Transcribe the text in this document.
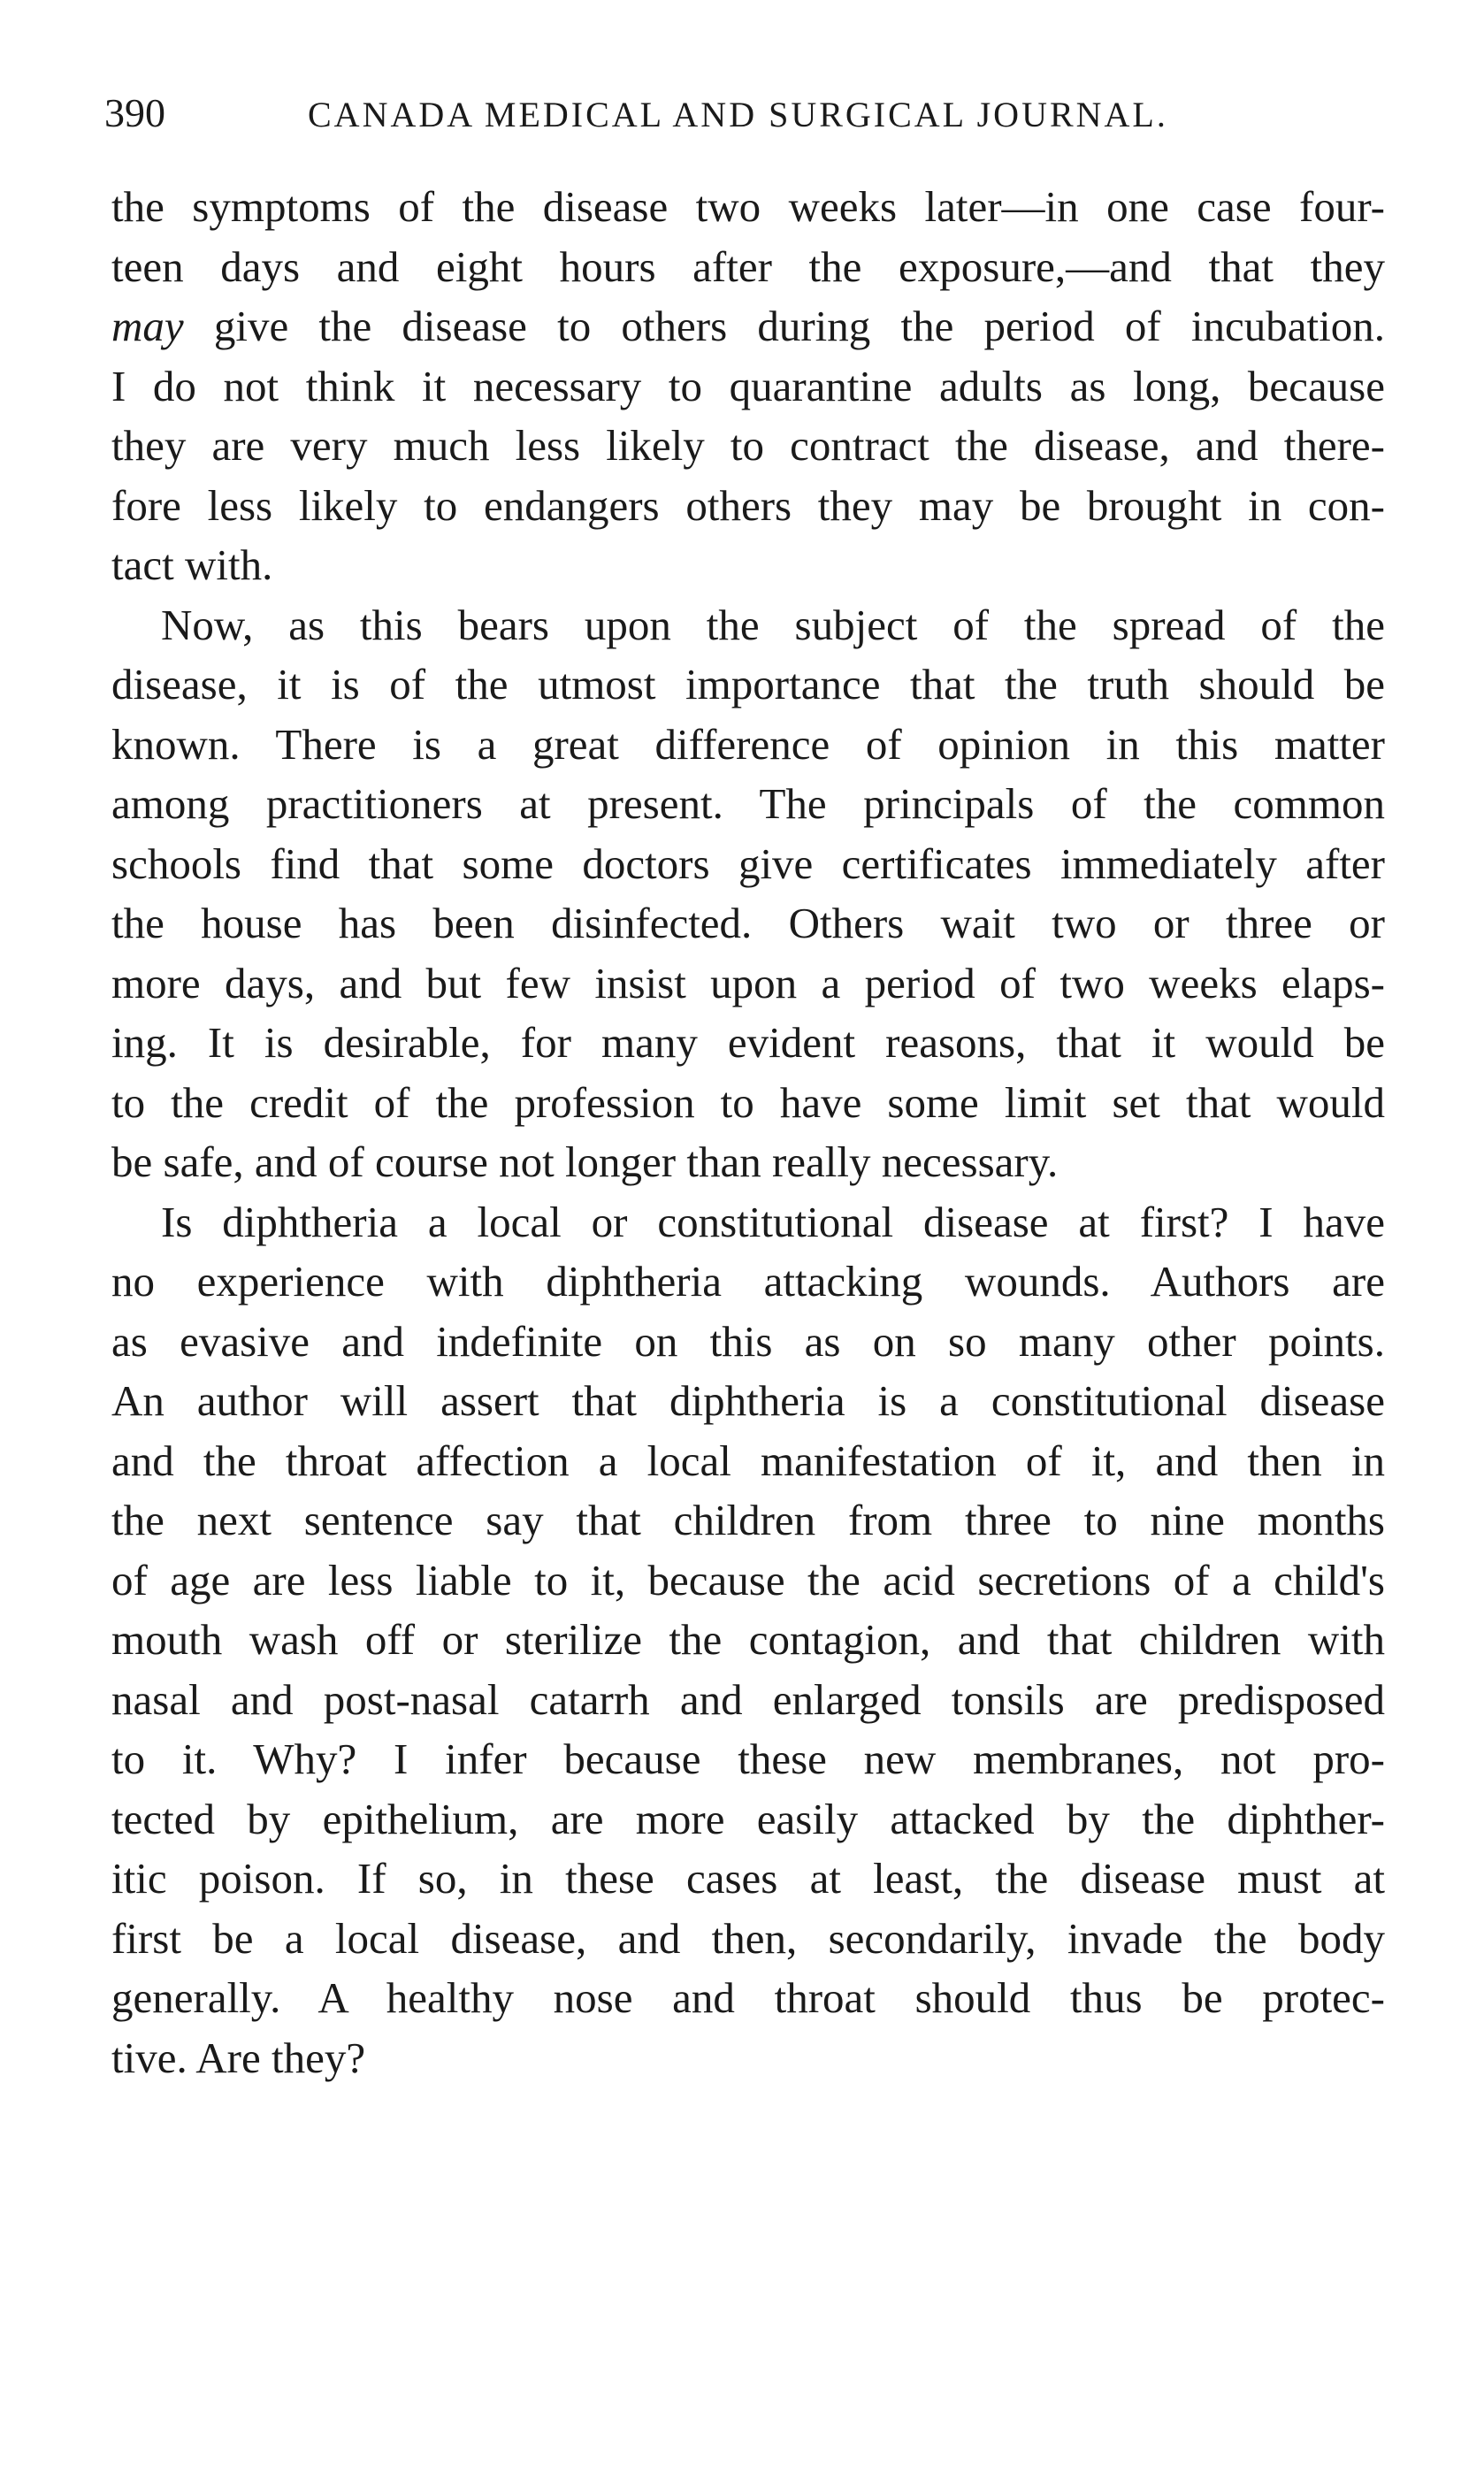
390	CANADA MEDICAL AND SURGICAL JOURNAL.
the symptoms of the disease two weeks later—in one case four-
teen days and eight hours after the exposure,—and that they
may give the disease to others during the period of incubation.
I do not think it necessary to quarantine adults as long, because
they are very much less likely to contract the disease, and there-
fore less likely to endangers others they may be brought in con-
tact with.
Now, as this bears upon the subject of the spread of the
disease, it is of the utmost importance that the truth should be
known. There is a great difference of opinion in this matter
among practitioners at present. The principals of the common
schools find that some doctors give certificates immediately after
the house has been disinfected. Others wait two or three or
more days, and but few insist upon a period of two weeks elaps-
ing. It is desirable, for many evident reasons, that it would be
to the credit of the profession to have some limit set that would
be safe, and of course not longer than really necessary.
Is diphtheria a local or constitutional disease at first? I have
no experience with diphtheria attacking wounds. Authors are
as evasive and indefinite on this as on so many other points.
An author will assert that diphtheria is a constitutional disease
and the throat affection a local manifestation of it, and then in
the next sentence say that children from three to nine months
of age are less liable to it, because the acid secretions of a child's
mouth wash off or sterilize the contagion, and that children with
nasal and post-nasal catarrh and enlarged tonsils are predisposed
to it. Why? I infer because these new membranes, not pro-
tected by epithelium, are more easily attacked by the diphther-
itic poison. If so, in these cases at least, the disease must at
first be a local disease, and then, secondarily, invade the body
generally. A healthy nose and throat should thus be protec-
tive. Are they?
